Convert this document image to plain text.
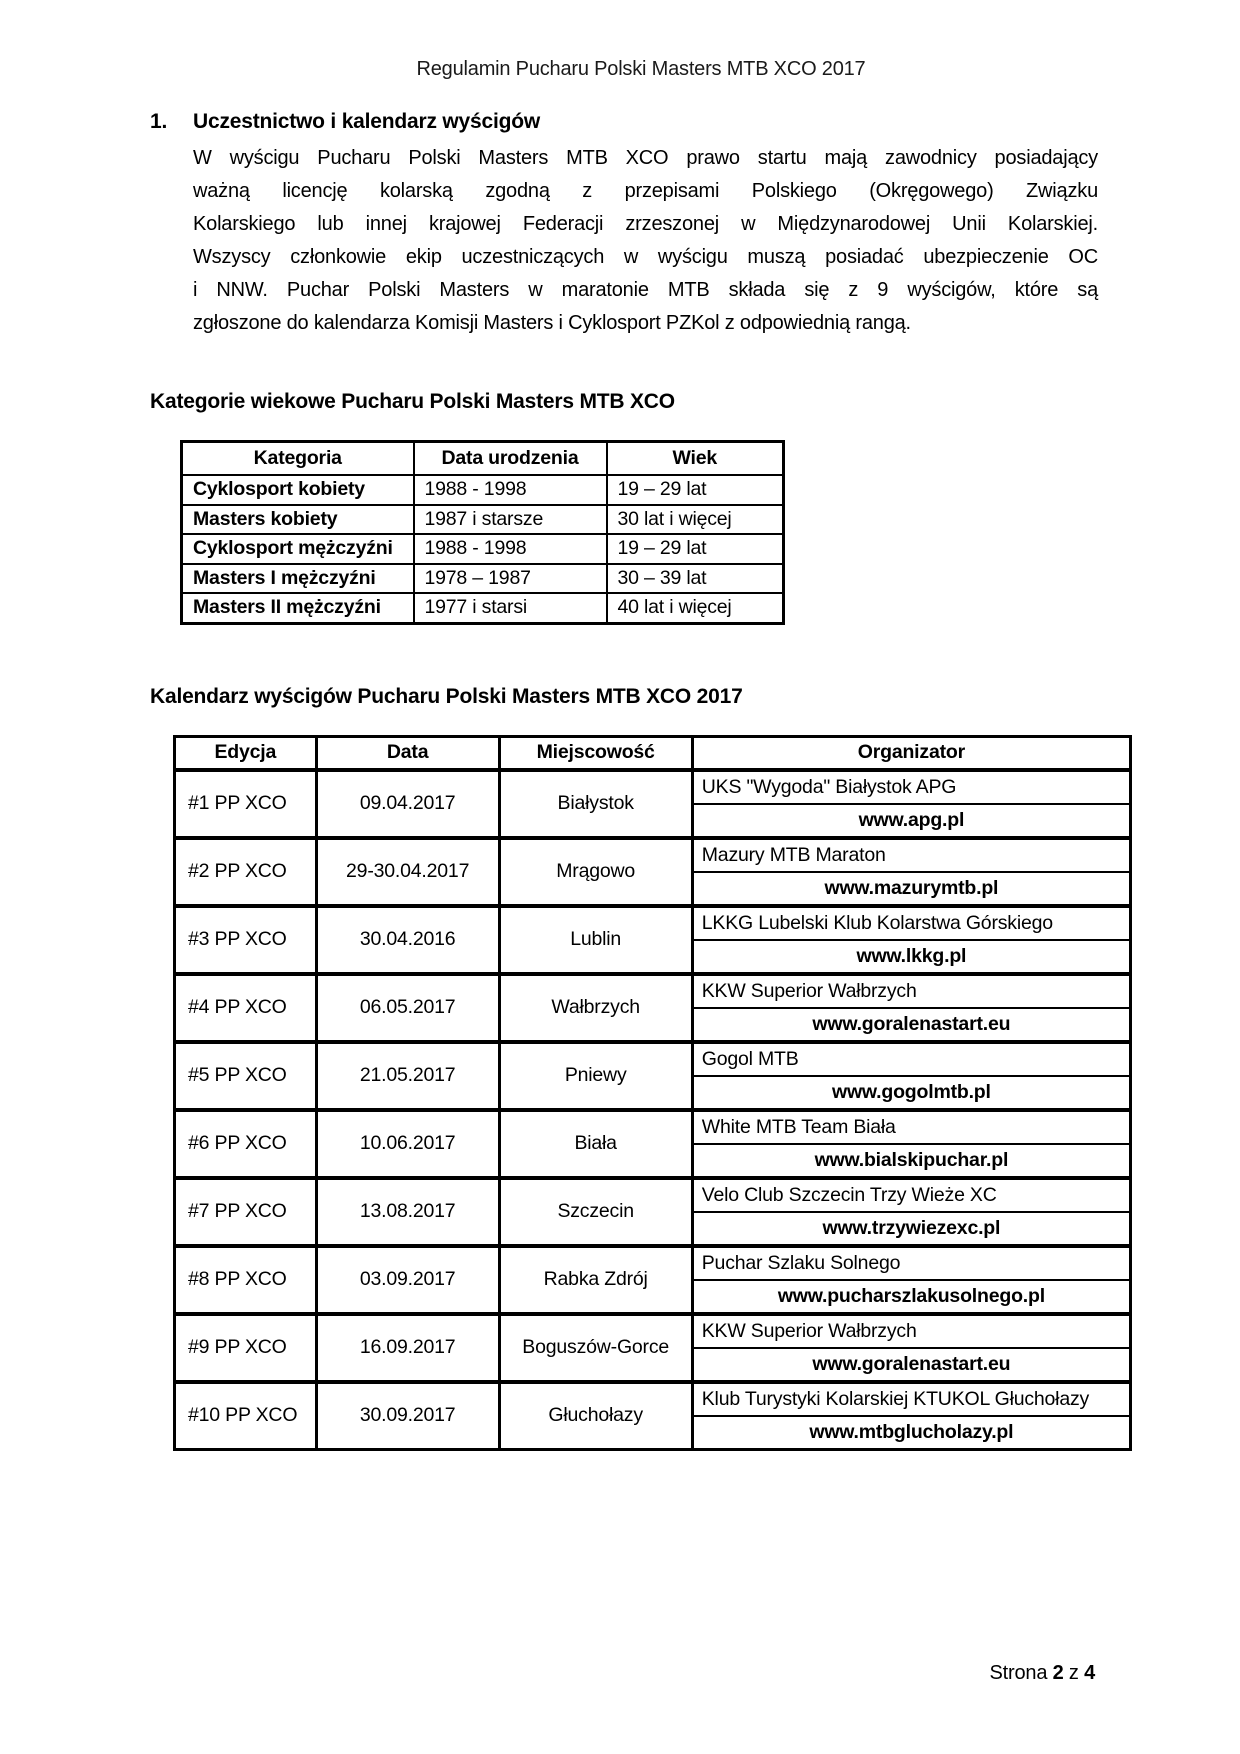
Regulamin Pucharu Polski Masters MTB XCO 2017
1.	Uczestnictwo i kalendarz wyścigów
W wyścigu Pucharu Polski Masters MTB XCO prawo startu mają zawodnicy posiadający
ważną licencję kolarską zgodną z przepisami Polskiego (Okręgowego) Związku
Kolarskiego lub innej krajowej Federacji zrzeszonej w Międzynarodowej Unii Kolarskiej.
Wszyscy członkowie ekip uczestniczących w wyścigu muszą posiadać ubezpieczenie OC
i NNW. Puchar Polski Masters w maratonie MTB składa się z 9 wyścigów, które są
zgłoszone do kalendarza Komisji Masters i Cyklosport PZKol z odpowiednią rangą.
Kategorie wiekowe Pucharu Polski Masters MTB XCO
Kategoria	Data urodzenia	Wiek
Cyklosport kobiety	1988 - 1998	19 – 29 lat
Masters kobiety	1987 i starsze	30 lat i więcej
Cyklosport mężczyźni	1988 - 1998	19 – 29 lat
Masters I mężczyźni	1978 – 1987	30 – 39 lat
Masters II mężczyźni	1977 i starsi	40 lat i więcej
Kalendarz wyścigów Pucharu Polski Masters MTB XCO 2017
Edycja	Data	Miejscowość	Organizator
#1 PP XCO	09.04.2017	Białystok	UKS "Wygoda" Białystok APG
			www.apg.pl
#2 PP XCO	29-30.04.2017	Mrągowo	Mazury MTB Maraton
			www.mazurymtb.pl
#3 PP XCO	30.04.2016	Lublin	LKKG Lubelski Klub Kolarstwa Górskiego
			www.lkkg.pl
#4 PP XCO	06.05.2017	Wałbrzych	KKW Superior Wałbrzych
			www.goralenastart.eu
#5 PP XCO	21.05.2017	Pniewy	Gogol MTB
			www.gogolmtb.pl
#6 PP XCO	10.06.2017	Biała	White MTB Team Biała
			www.bialskipuchar.pl
#7 PP XCO	13.08.2017	Szczecin	Velo Club Szczecin Trzy Wieże XC
			www.trzywiezexc.pl
#8 PP XCO	03.09.2017	Rabka Zdrój	Puchar Szlaku Solnego
			www.pucharszlakusolnego.pl
#9 PP XCO	16.09.2017	Boguszów-Gorce	KKW Superior Wałbrzych
			www.goralenastart.eu
#10 PP XCO	30.09.2017	Głuchołazy	Klub Turystyki Kolarskiej KTUKOL Głuchołazy
			www.mtbglucholazy.pl
Strona 2 z 4
